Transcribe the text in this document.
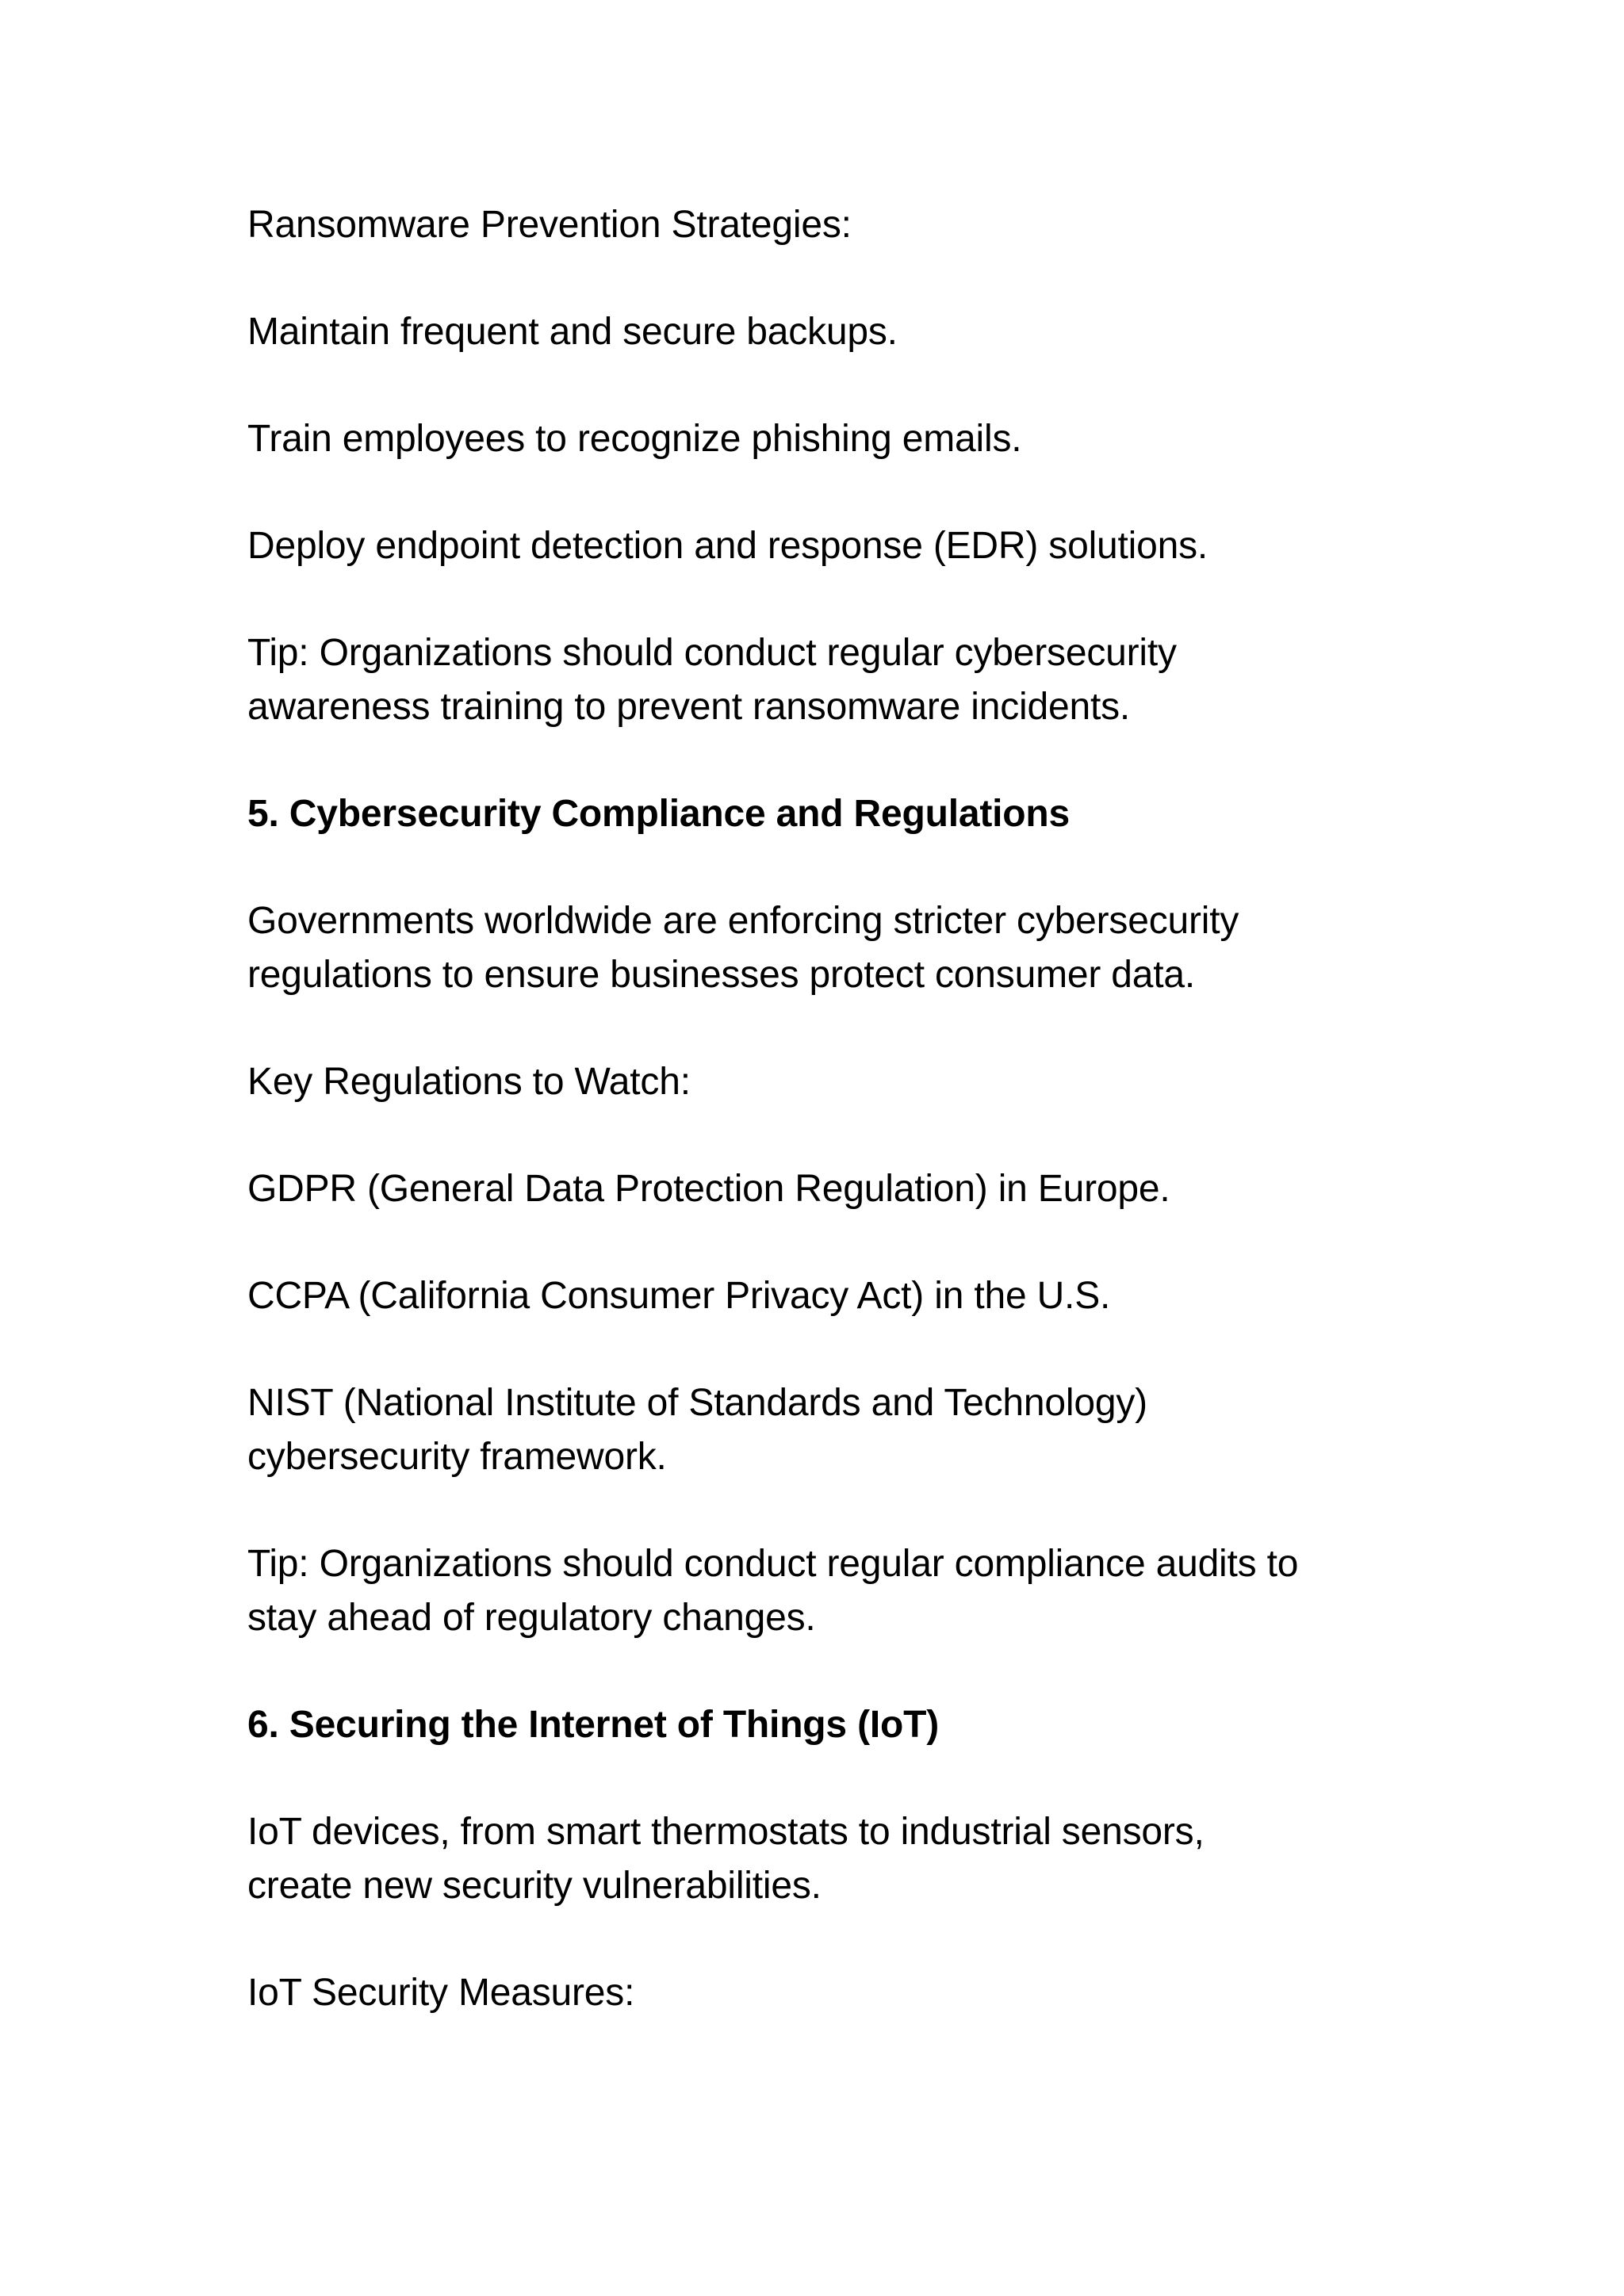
Ransomware Prevention Strategies:
Maintain frequent and secure backups.
Train employees to recognize phishing emails.
Deploy endpoint detection and response (EDR) solutions.
Tip: Organizations should conduct regular cybersecurity
awareness training to prevent ransomware incidents.
5. Cybersecurity Compliance and Regulations
Governments worldwide are enforcing stricter cybersecurity
regulations to ensure businesses protect consumer data.
Key Regulations to Watch:
GDPR (General Data Protection Regulation) in Europe.
CCPA (California Consumer Privacy Act) in the U.S.
NIST (National Institute of Standards and Technology)
cybersecurity framework.
Tip: Organizations should conduct regular compliance audits to
stay ahead of regulatory changes.
6. Securing the Internet of Things (IoT)
IoT devices, from smart thermostats to industrial sensors,
create new security vulnerabilities.
IoT Security Measures:
